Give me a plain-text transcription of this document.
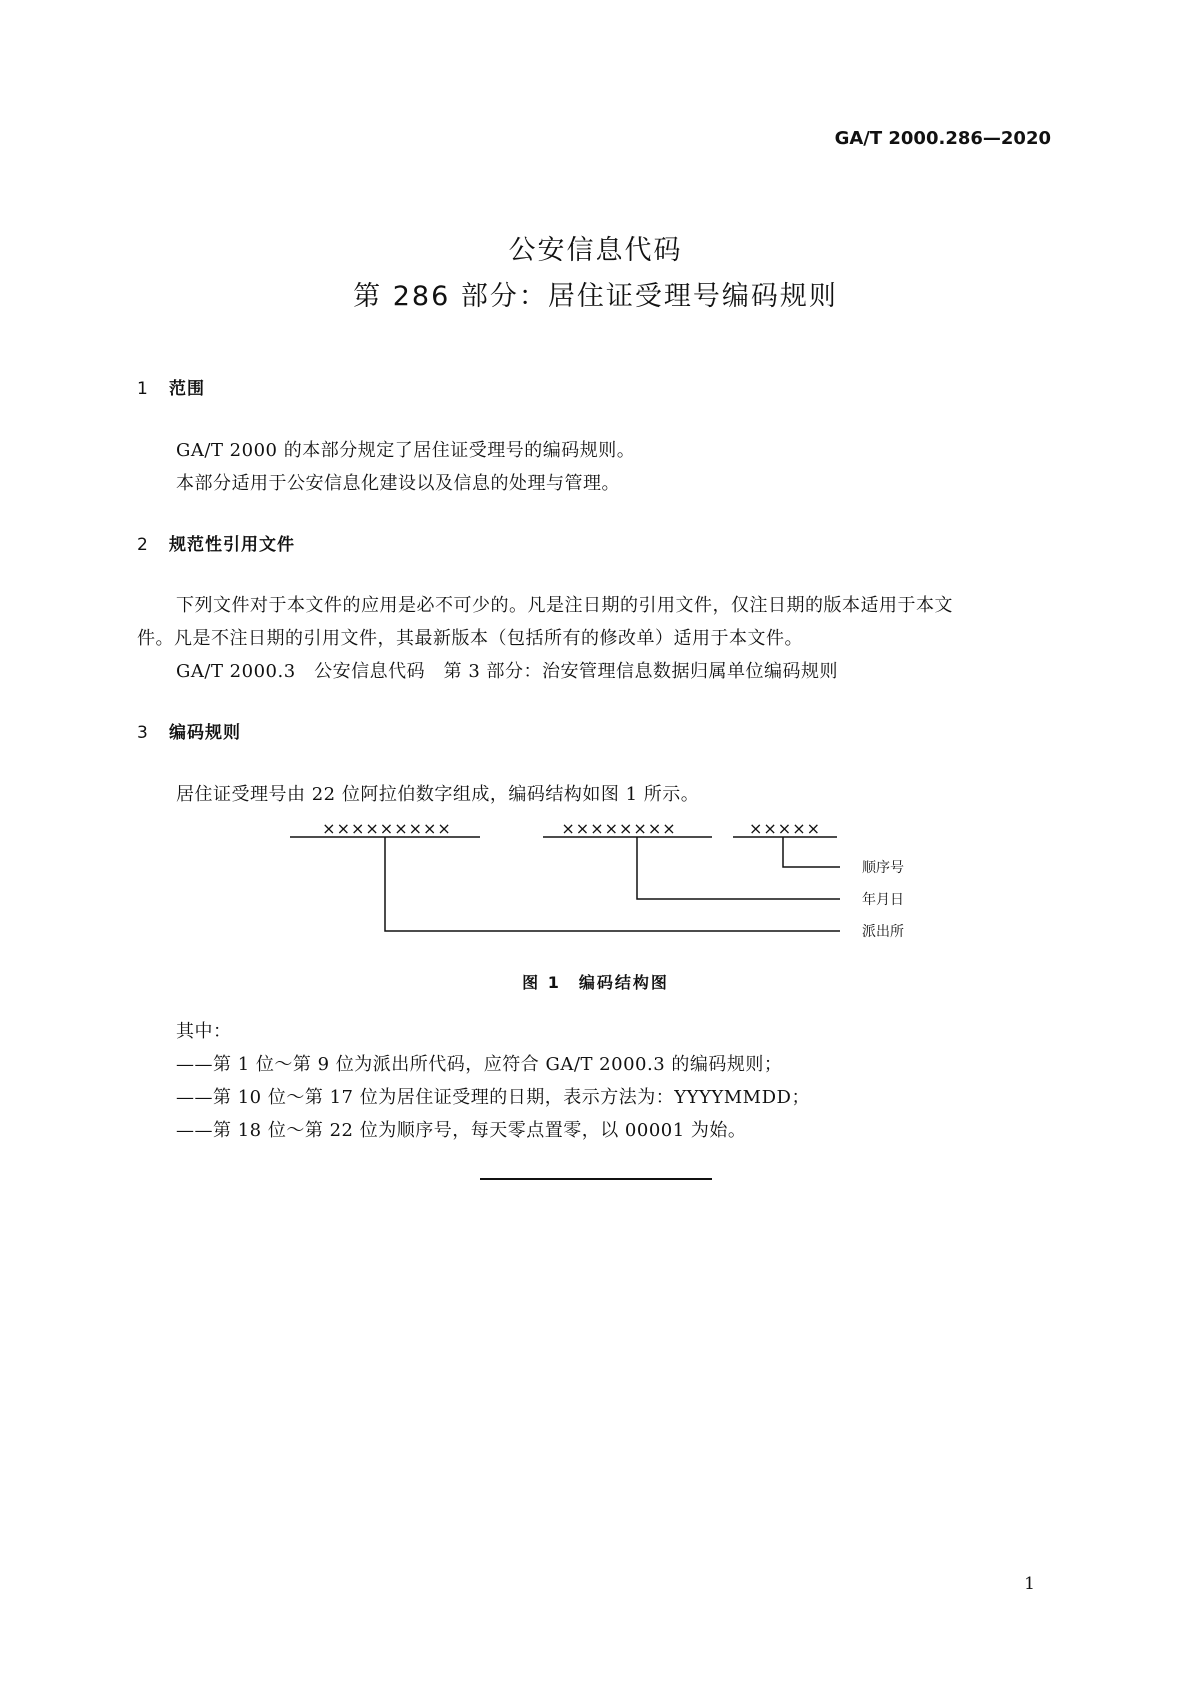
GA/T 2000.286—2020
公安信息代码
第 286 部分：居住证受理号编码规则
1 范围
GA/T 2000 的本部分规定了居住证受理号的编码规则。
本部分适用于公安信息化建设以及信息的处理与管理。
2 规范性引用文件
下列文件对于本文件的应用是必不可少的。凡是注日期的引用文件，仅注日期的版本适用于本文
件。凡是不注日期的引用文件，其最新版本（包括所有的修改单）适用于本文件。
GA/T 2000.3　公安信息代码　第 3 部分：治安管理信息数据归属单位编码规则
3 编码规则
居住证受理号由 22 位阿拉伯数字组成，编码结构如图 1 所示。
×××××××××	××××××××	×××××
顺序号
年月日
派出所
图 1　编码结构图
其中：
——第 1 位～第 9 位为派出所代码，应符合 GA/T 2000.3 的编码规则；
——第 10 位～第 17 位为居住证受理的日期，表示方法为：YYYYMMDD；
——第 18 位～第 22 位为顺序号，每天零点置零，以 00001 为始。
1
